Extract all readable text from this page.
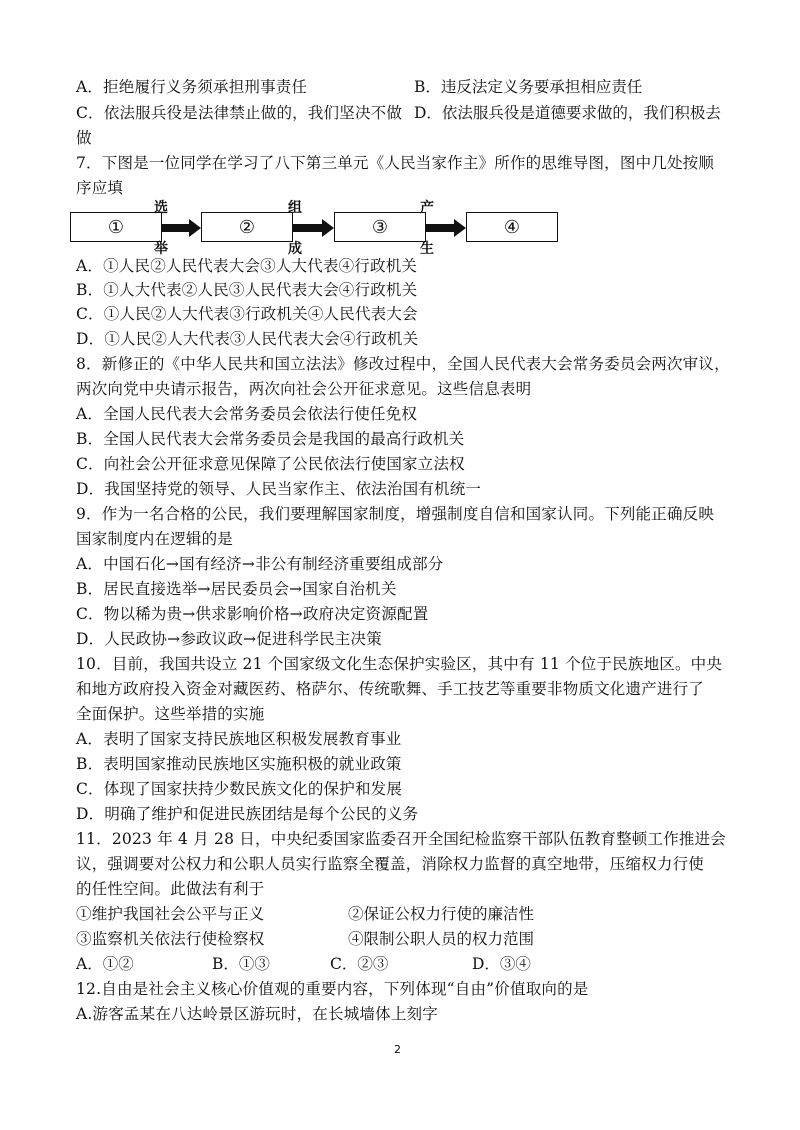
A．拒绝履行义务须承担刑事责任	B．违反法定义务要承担相应责任
C．依法服兵役是法律禁止做的，我们坚决不做 D．依法服兵役是道德要求做的，我们积极去
做
7．下图是一位同学在学习了八下第三单元《人民当家作主》所作的思维导图，图中几处按顺
序应填
①	②	③	④
选
举
组
成
产
生
A．①人民②人民代表大会③人大代表④行政机关
B．①人大代表②人民③人民代表大会④行政机关
C．①人民②人大代表③行政机关④人民代表大会
D．①人民②人大代表③人民代表大会④行政机关
8．新修正的《中华人民共和国立法法》修改过程中，全国人民代表大会常务委员会两次审议，
两次向党中央请示报告，两次向社会公开征求意见。这些信息表明
A．全国人民代表大会常务委员会依法行使任免权
B．全国人民代表大会常务委员会是我国的最高行政机关
C．向社会公开征求意见保障了公民依法行使国家立法权
D．我国坚持党的领导、人民当家作主、依法治国有机统一
9．作为一名合格的公民，我们要理解国家制度，增强制度自信和国家认同。下列能正确反映
国家制度内在逻辑的是
A．中国石化→国有经济→非公有制经济重要组成部分
B．居民直接选举→居民委员会→国家自治机关
C．物以稀为贵→供求影响价格→政府决定资源配置
D．人民政协→参政议政→促进科学民主决策
10．目前，我国共设立 21 个国家级文化生态保护实验区，其中有 11 个位于民族地区。中央
和地方政府投入资金对藏医药、格萨尔、传统歌舞、手工技艺等重要非物质文化遗产进行了
全面保护。这些举措的实施
A．表明了国家支持民族地区积极发展教育事业
B．表明国家推动民族地区实施积极的就业政策
C．体现了国家扶持少数民族文化的保护和发展
D．明确了维护和促进民族团结是每个公民的义务
11．2023 年 4 月 28 日，中央纪委国家监委召开全国纪检监察干部队伍教育整顿工作推进会
议，强调要对公权力和公职人员实行监察全覆盖，消除权力监督的真空地带，压缩权力行使
的任性空间。此做法有利于
①维护我国社会公平与正义	②保证公权力行使的廉洁性
③监察机关依法行使检察权	④限制公职人员的权力范围
A．①②	B．①③	C．②③	D．③④
12.自由是社会主义核心价值观的重要内容，下列体现“自由”价值取向的是
A.游客孟某在八达岭景区游玩时，在长城墙体上刻字
2
